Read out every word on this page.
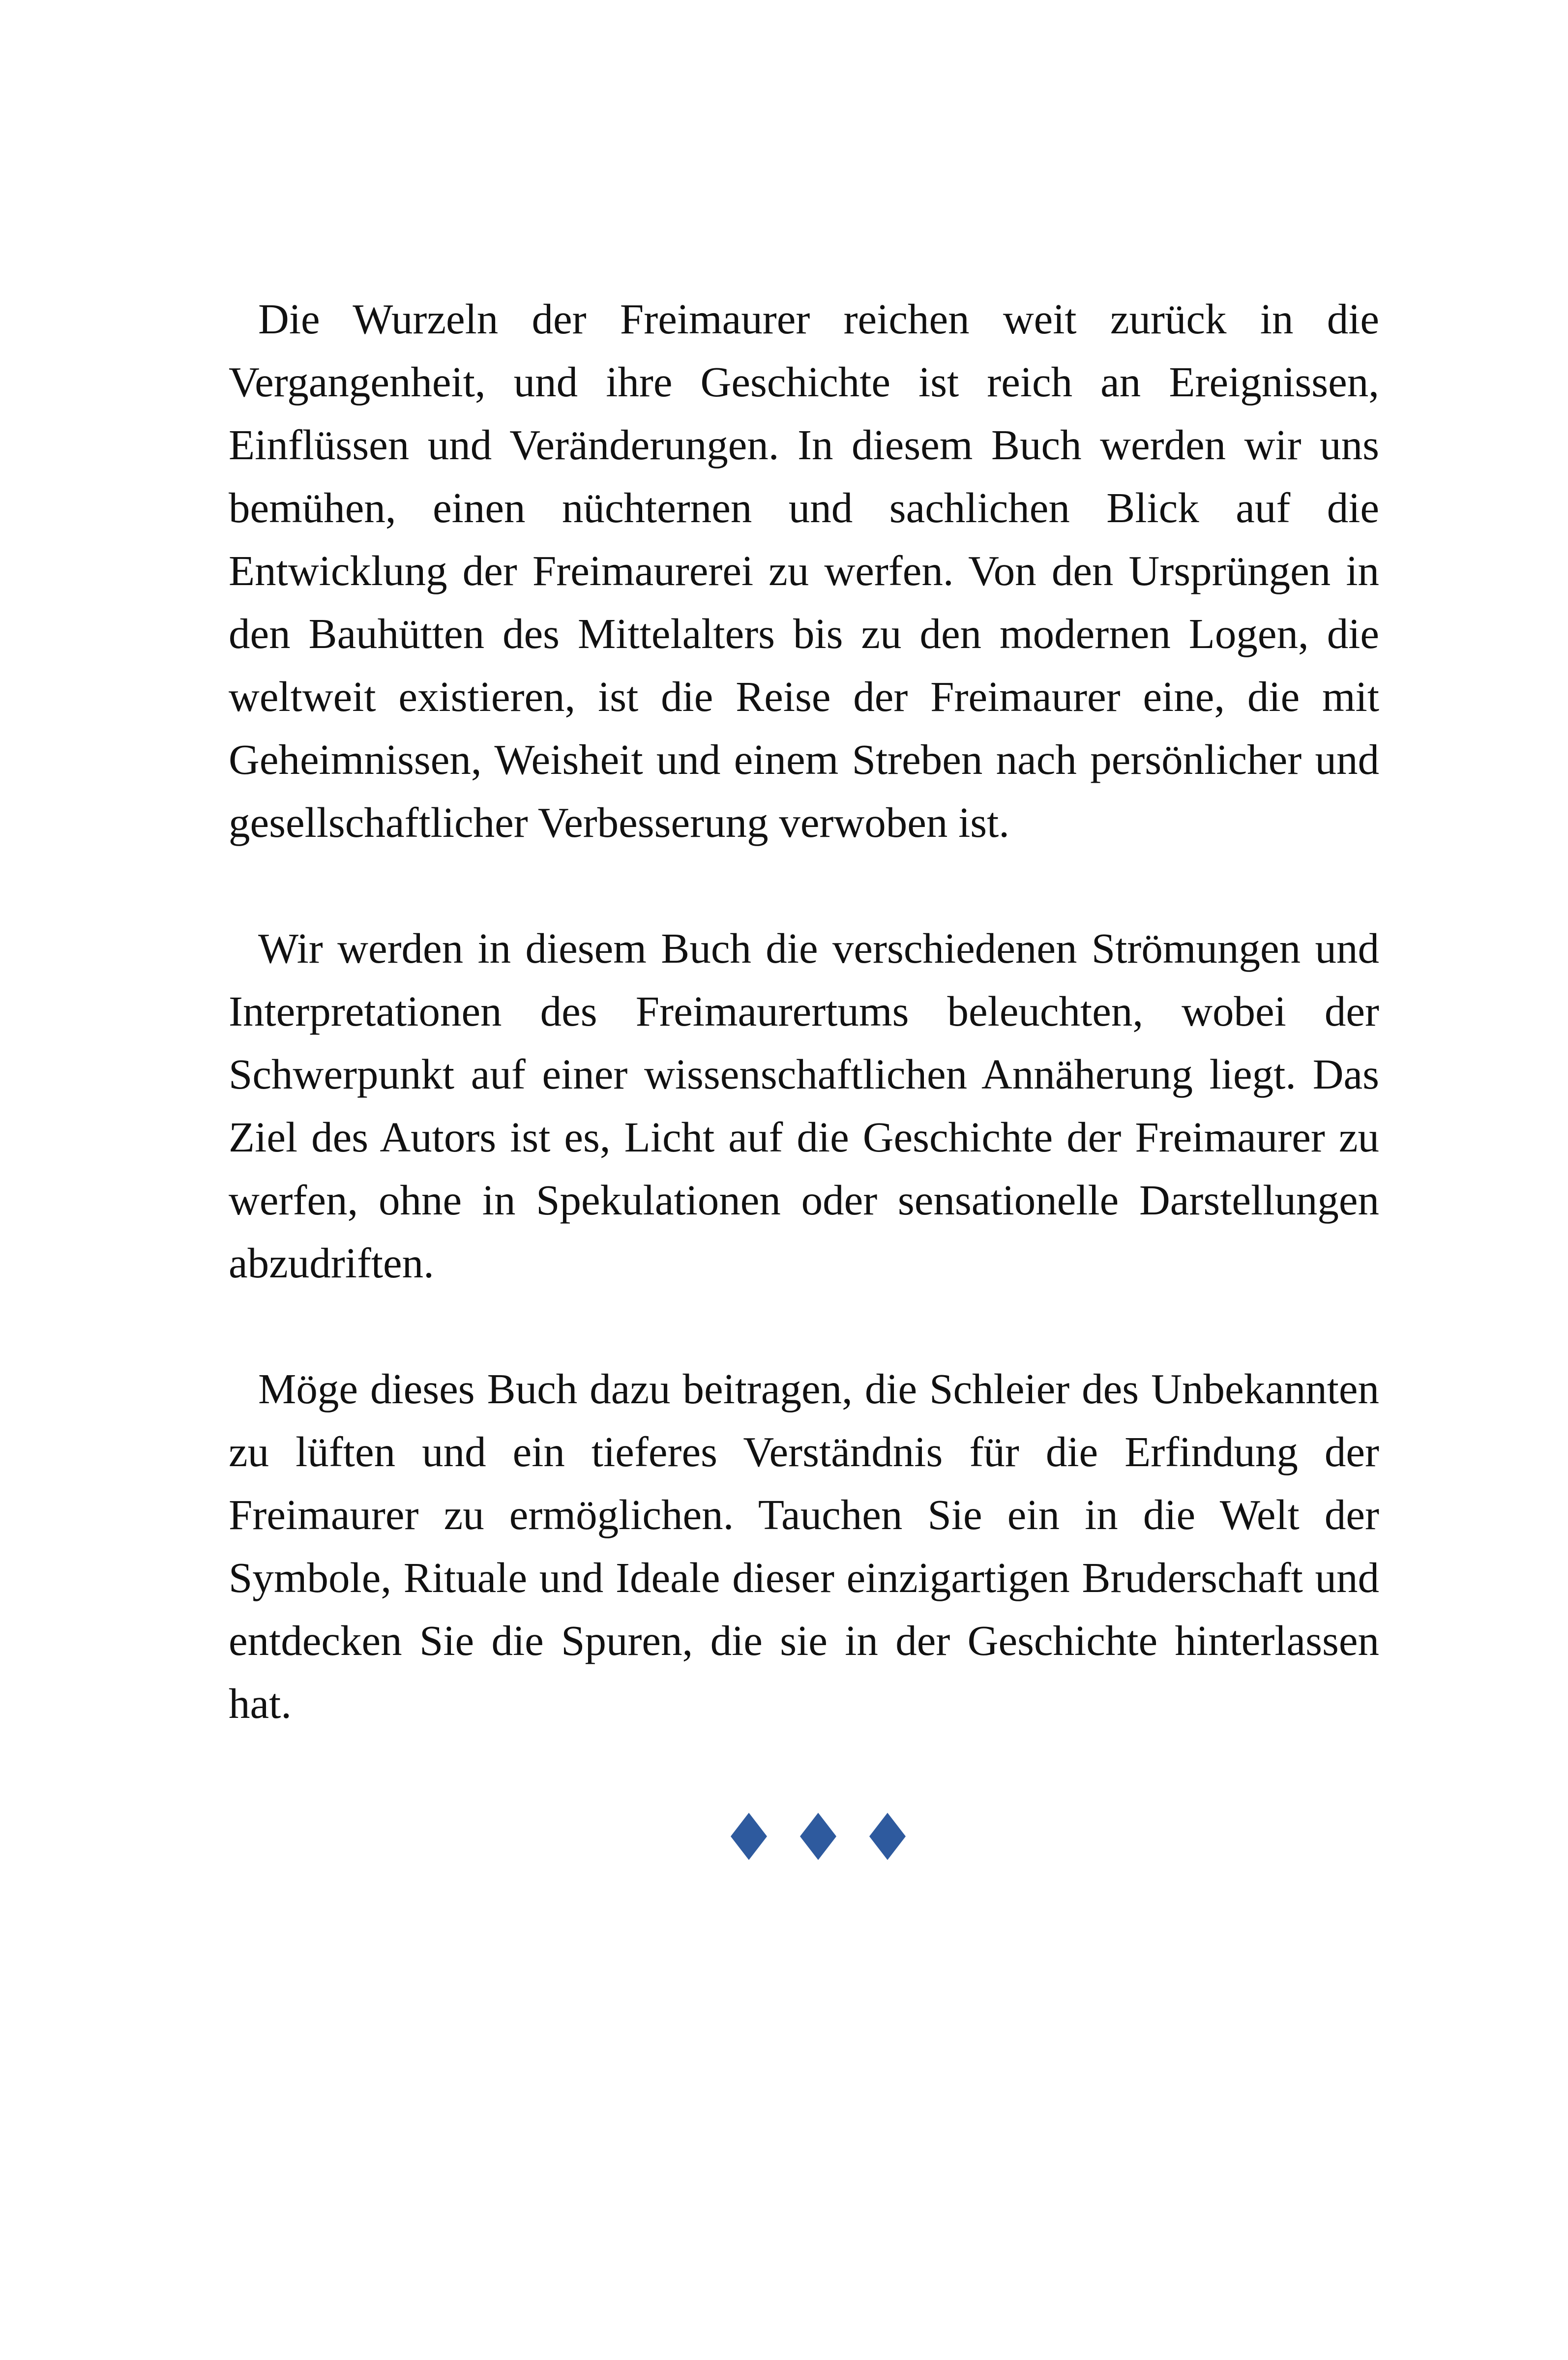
Die Wurzeln der Freimaurer reichen weit zurück in die Vergangenheit, und ihre Geschichte ist reich an Ereignissen, Einflüssen und Veränderungen. In diesem Buch werden wir uns bemühen, einen nüchternen und sachlichen Blick auf die Entwicklung der Freimaurerei zu werfen. Von den Ursprüngen in den Bauhütten des Mittelalters bis zu den modernen Logen, die weltweit existieren, ist die Reise der Freimaurer eine, die mit Geheimnissen, Weisheit und einem Streben nach persönlicher und gesellschaftlicher Verbesserung verwoben ist.

Wir werden in diesem Buch die verschiedenen Strömungen und Interpretationen des Freimaurertums beleuchten, wobei der Schwerpunkt auf einer wissenschaftlichen Annäherung liegt. Das Ziel des Autors ist es, Licht auf die Geschichte der Freimaurer zu werfen, ohne in Spekulationen oder sensationelle Darstellungen abzudriften.

Möge dieses Buch dazu beitragen, die Schleier des Unbekannten zu lüften und ein tieferes Verständnis für die Erfindung der Freimaurer zu ermöglichen. Tauchen Sie ein in die Welt der Symbole, Rituale und Ideale dieser einzigartigen Bruderschaft und entdecken Sie die Spuren, die sie in der Geschichte hinterlassen hat.
